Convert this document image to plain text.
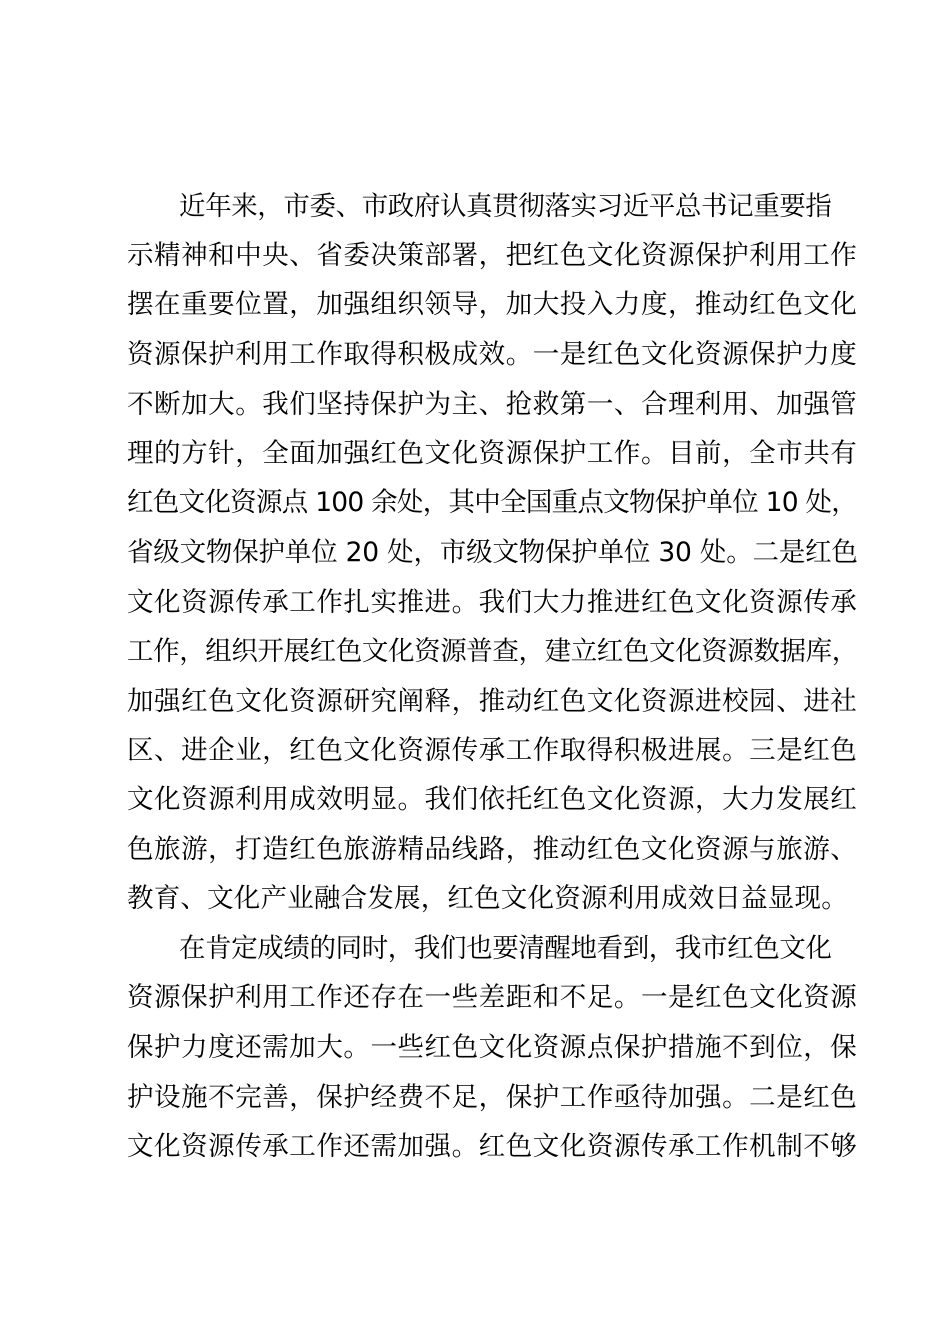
近年来，市委、市政府认真贯彻落实习近平总书记重要指
示精神和中央、省委决策部署，把红色文化资源保护利用工作
摆在重要位置，加强组织领导，加大投入力度，推动红色文化
资源保护利用工作取得积极成效。一是红色文化资源保护力度
不断加大。我们坚持保护为主、抢救第一、合理利用、加强管
理的方针，全面加强红色文化资源保护工作。目前，全市共有
红色文化资源点 100 余处，其中全国重点文物保护单位 10 处，
省级文物保护单位 20 处，市级文物保护单位 30 处。二是红色
文化资源传承工作扎实推进。我们大力推进红色文化资源传承
工作，组织开展红色文化资源普查，建立红色文化资源数据库，
加强红色文化资源研究阐释，推动红色文化资源进校园、进社
区、进企业，红色文化资源传承工作取得积极进展。三是红色
文化资源利用成效明显。我们依托红色文化资源，大力发展红
色旅游，打造红色旅游精品线路，推动红色文化资源与旅游、
教育、文化产业融合发展，红色文化资源利用成效日益显现。
在肯定成绩的同时，我们也要清醒地看到，我市红色文化
资源保护利用工作还存在一些差距和不足。一是红色文化资源
保护力度还需加大。一些红色文化资源点保护措施不到位，保
护设施不完善，保护经费不足，保护工作亟待加强。二是红色
文化资源传承工作还需加强。红色文化资源传承工作机制不够
